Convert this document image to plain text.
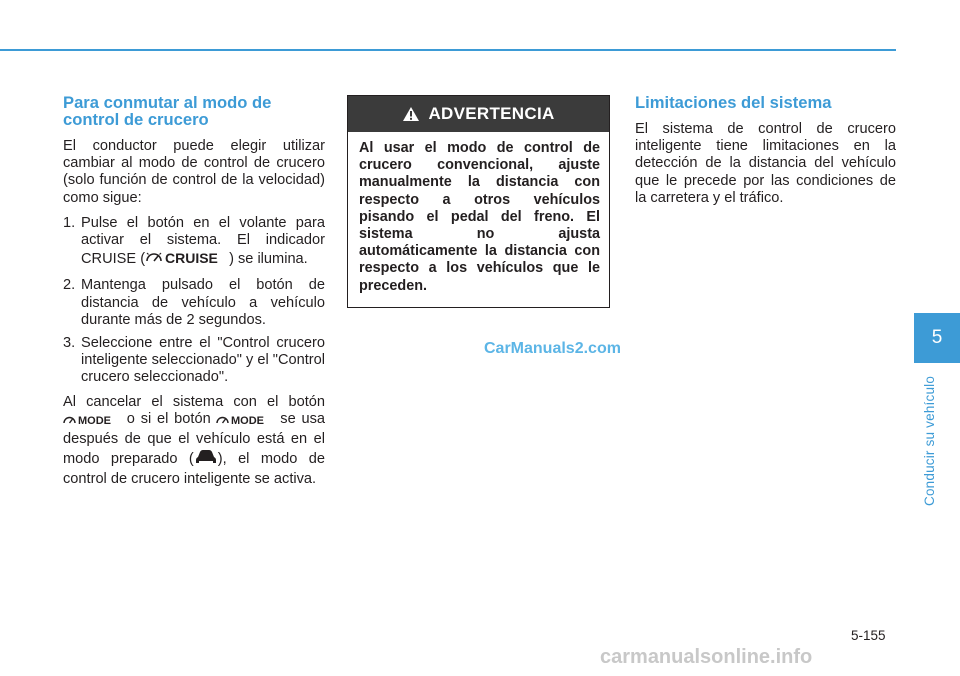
Para conmutar al modo de control de crucero
El conductor puede elegir utilizar cambiar al modo de control de crucero (solo función de control de la velocidad) como sigue:
1. Pulse el botón en el volante para activar el sistema. El indicador CRUISE ( CRUISE ) se ilumina.
2. Mantenga pulsado el botón de distancia de vehículo a vehículo durante más de 2 segundos.
3. Seleccione entre el "Control crucero inteligente seleccionado" y el "Control crucero seleccionado".
Al cancelar el sistema con el botón
MODE o si el botón MODE se usa después de que el vehículo está en el modo preparado ( ), el modo de control de crucero inteligente se activa.
ADVERTENCIA
Al usar el modo de control de crucero convencional, ajuste manualmente la distancia con respecto a otros vehículos pisando el pedal del freno. El sistema no ajusta automáticamente la distancia con respecto a los vehículos que le preceden.
Limitaciones del sistema
El sistema de control de crucero inteligente tiene limitaciones en la detección de la distancia del vehículo que le precede por las condiciones de la carretera y el tráfico.
CarManuals2.com
carmanualsonline.info
5-155
5
Conducir su vehículo
